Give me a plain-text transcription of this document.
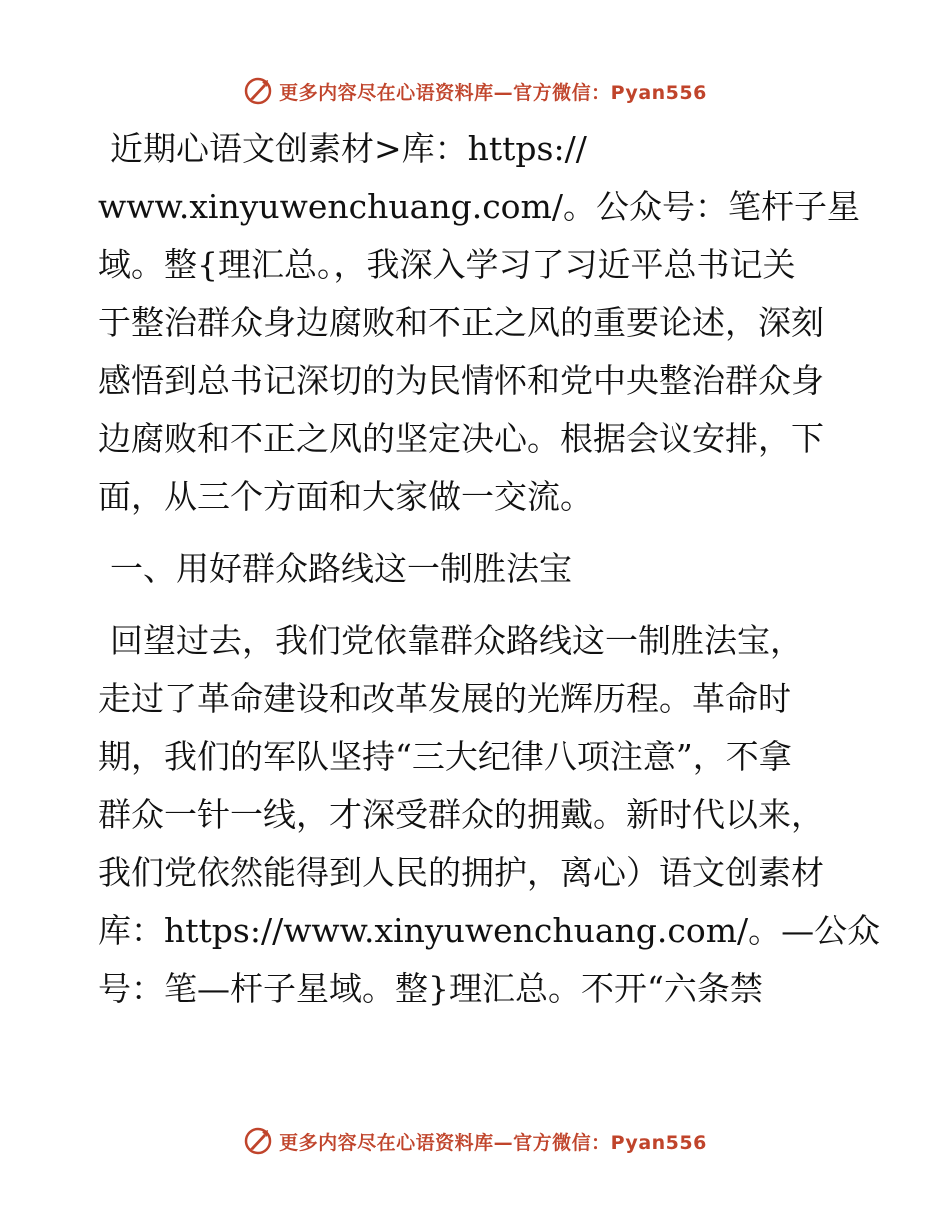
更多内容尽在心语资料库—官方微信：Pyan556
近期心语文创素材>库：https://
www.xinyuwenchuang.com/。公众号：笔杆子星
域。整{理汇总。，我深入学习了习近平总书记关
于整治群众身边腐败和不正之风的重要论述，深刻
感悟到总书记深切的为民情怀和党中央整治群众身
边腐败和不正之风的坚定决心。根据会议安排，下
面，从三个方面和大家做一交流。
一、用好群众路线这一制胜法宝
回望过去，我们党依靠群众路线这一制胜法宝，
走过了革命建设和改革发展的光辉历程。革命时
期，我们的军队坚持“三大纪律八项注意”，不拿
群众一针一线，才深受群众的拥戴。新时代以来，
我们党依然能得到人民的拥护，离心）语文创素材
库：https://www.xinyuwenchuang.com/。—公众
号：笔—杆子星域。整}理汇总。不开“六条禁
更多内容尽在心语资料库—官方微信：Pyan556
